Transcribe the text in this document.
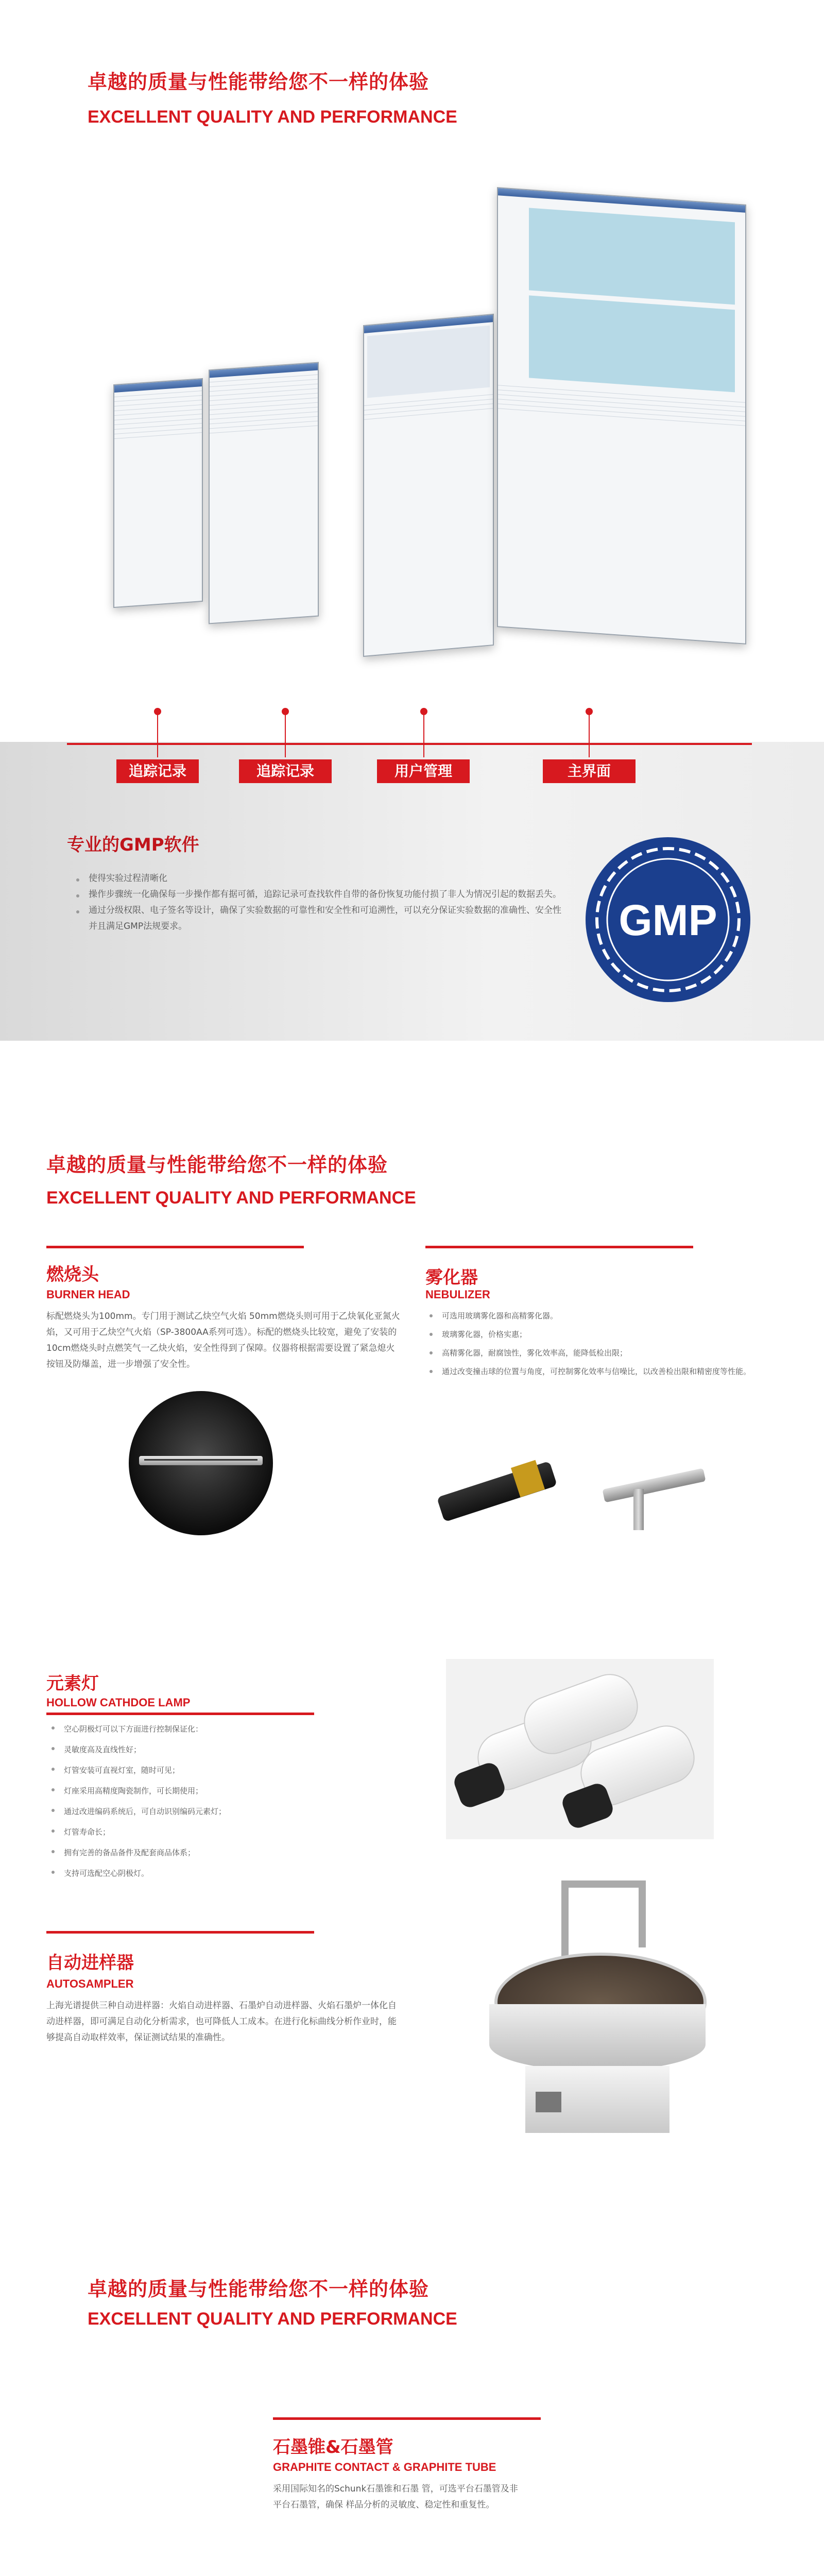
卓越的质量与性能带给您不一样的体验
EXCELLENT QUALITY AND PERFORMANCE
追踪记录	追踪记录	用户管理	主界面
专业的GMP软件
使得实验过程清晰化
操作步骤统一化确保每一步操作都有据可循，追踪记录可查找软件自带的备份恢复功能付损了非人为情况引起的数据丢失。
通过分级权限、电子签名等设计，确保了实验数据的可靠性和安全性和可追溯性，可以充分保证实验数据的准确性、安全性并且满足GMP法规要求。	GMP
卓越的质量与性能带给您不一样的体验
EXCELLENT QUALITY AND PERFORMANCE
燃烧头
BURNER HEAD
标配燃烧头为100mm。专门用于测试乙炔空气火焰 50mm燃烧头则可用于乙炔氧化亚氮火焰，又可用于乙炔空气火焰（SP-3800AA系列可选）。标配的燃烧头比较宽，避免了安装的10cm燃烧头时点燃笑气一乙炔火焰，安全性得到了保障。仪器将根据需要设置了紧急熄火按钮及防爆盖，进一步增强了安全性。
雾化器
NEBULIZER
可选用玻璃雾化器和高精雾化器。
玻璃雾化器，价格实惠；
高精雾化器，耐腐蚀性，雾化效率高，能降低检出限；
通过改变撞击球的位置与角度，可控制雾化效率与信噪比，以改善检出限和精密度等性能。
元素灯
HOLLOW CATHDOE LAMP
空心阴极灯可以下方面进行控制保证化：
灵敏度高及直线性好；
灯管安装可直视灯室，随时可见；
灯座采用高精度陶瓷制作，可长期使用；
通过改进编码系统后，可自动识别编码元素灯；
灯管寿命长；
拥有完善的备品备件及配套商品体系；
支持可选配空心阴极灯。
自动进样器
AUTOSAMPLER
上海光谱提供三种自动进样器：火焰自动进样器、石墨炉自动进样器、火焰石墨炉一体化自动进样器，即可满足自动化分析需求，也可降低人工成本。在进行化标曲线分析作业时，能够提高自动取样效率，保证测试结果的准确性。
卓越的质量与性能带给您不一样的体验
EXCELLENT QUALITY AND PERFORMANCE
石墨锥&石墨管
GRAPHITE CONTACT & GRAPHITE TUBE
采用国际知名的Schunk石墨锥和石墨 管，可选平台石墨管及非平台石墨管，确保 样品分析的灵敏度、稳定性和重复性。
